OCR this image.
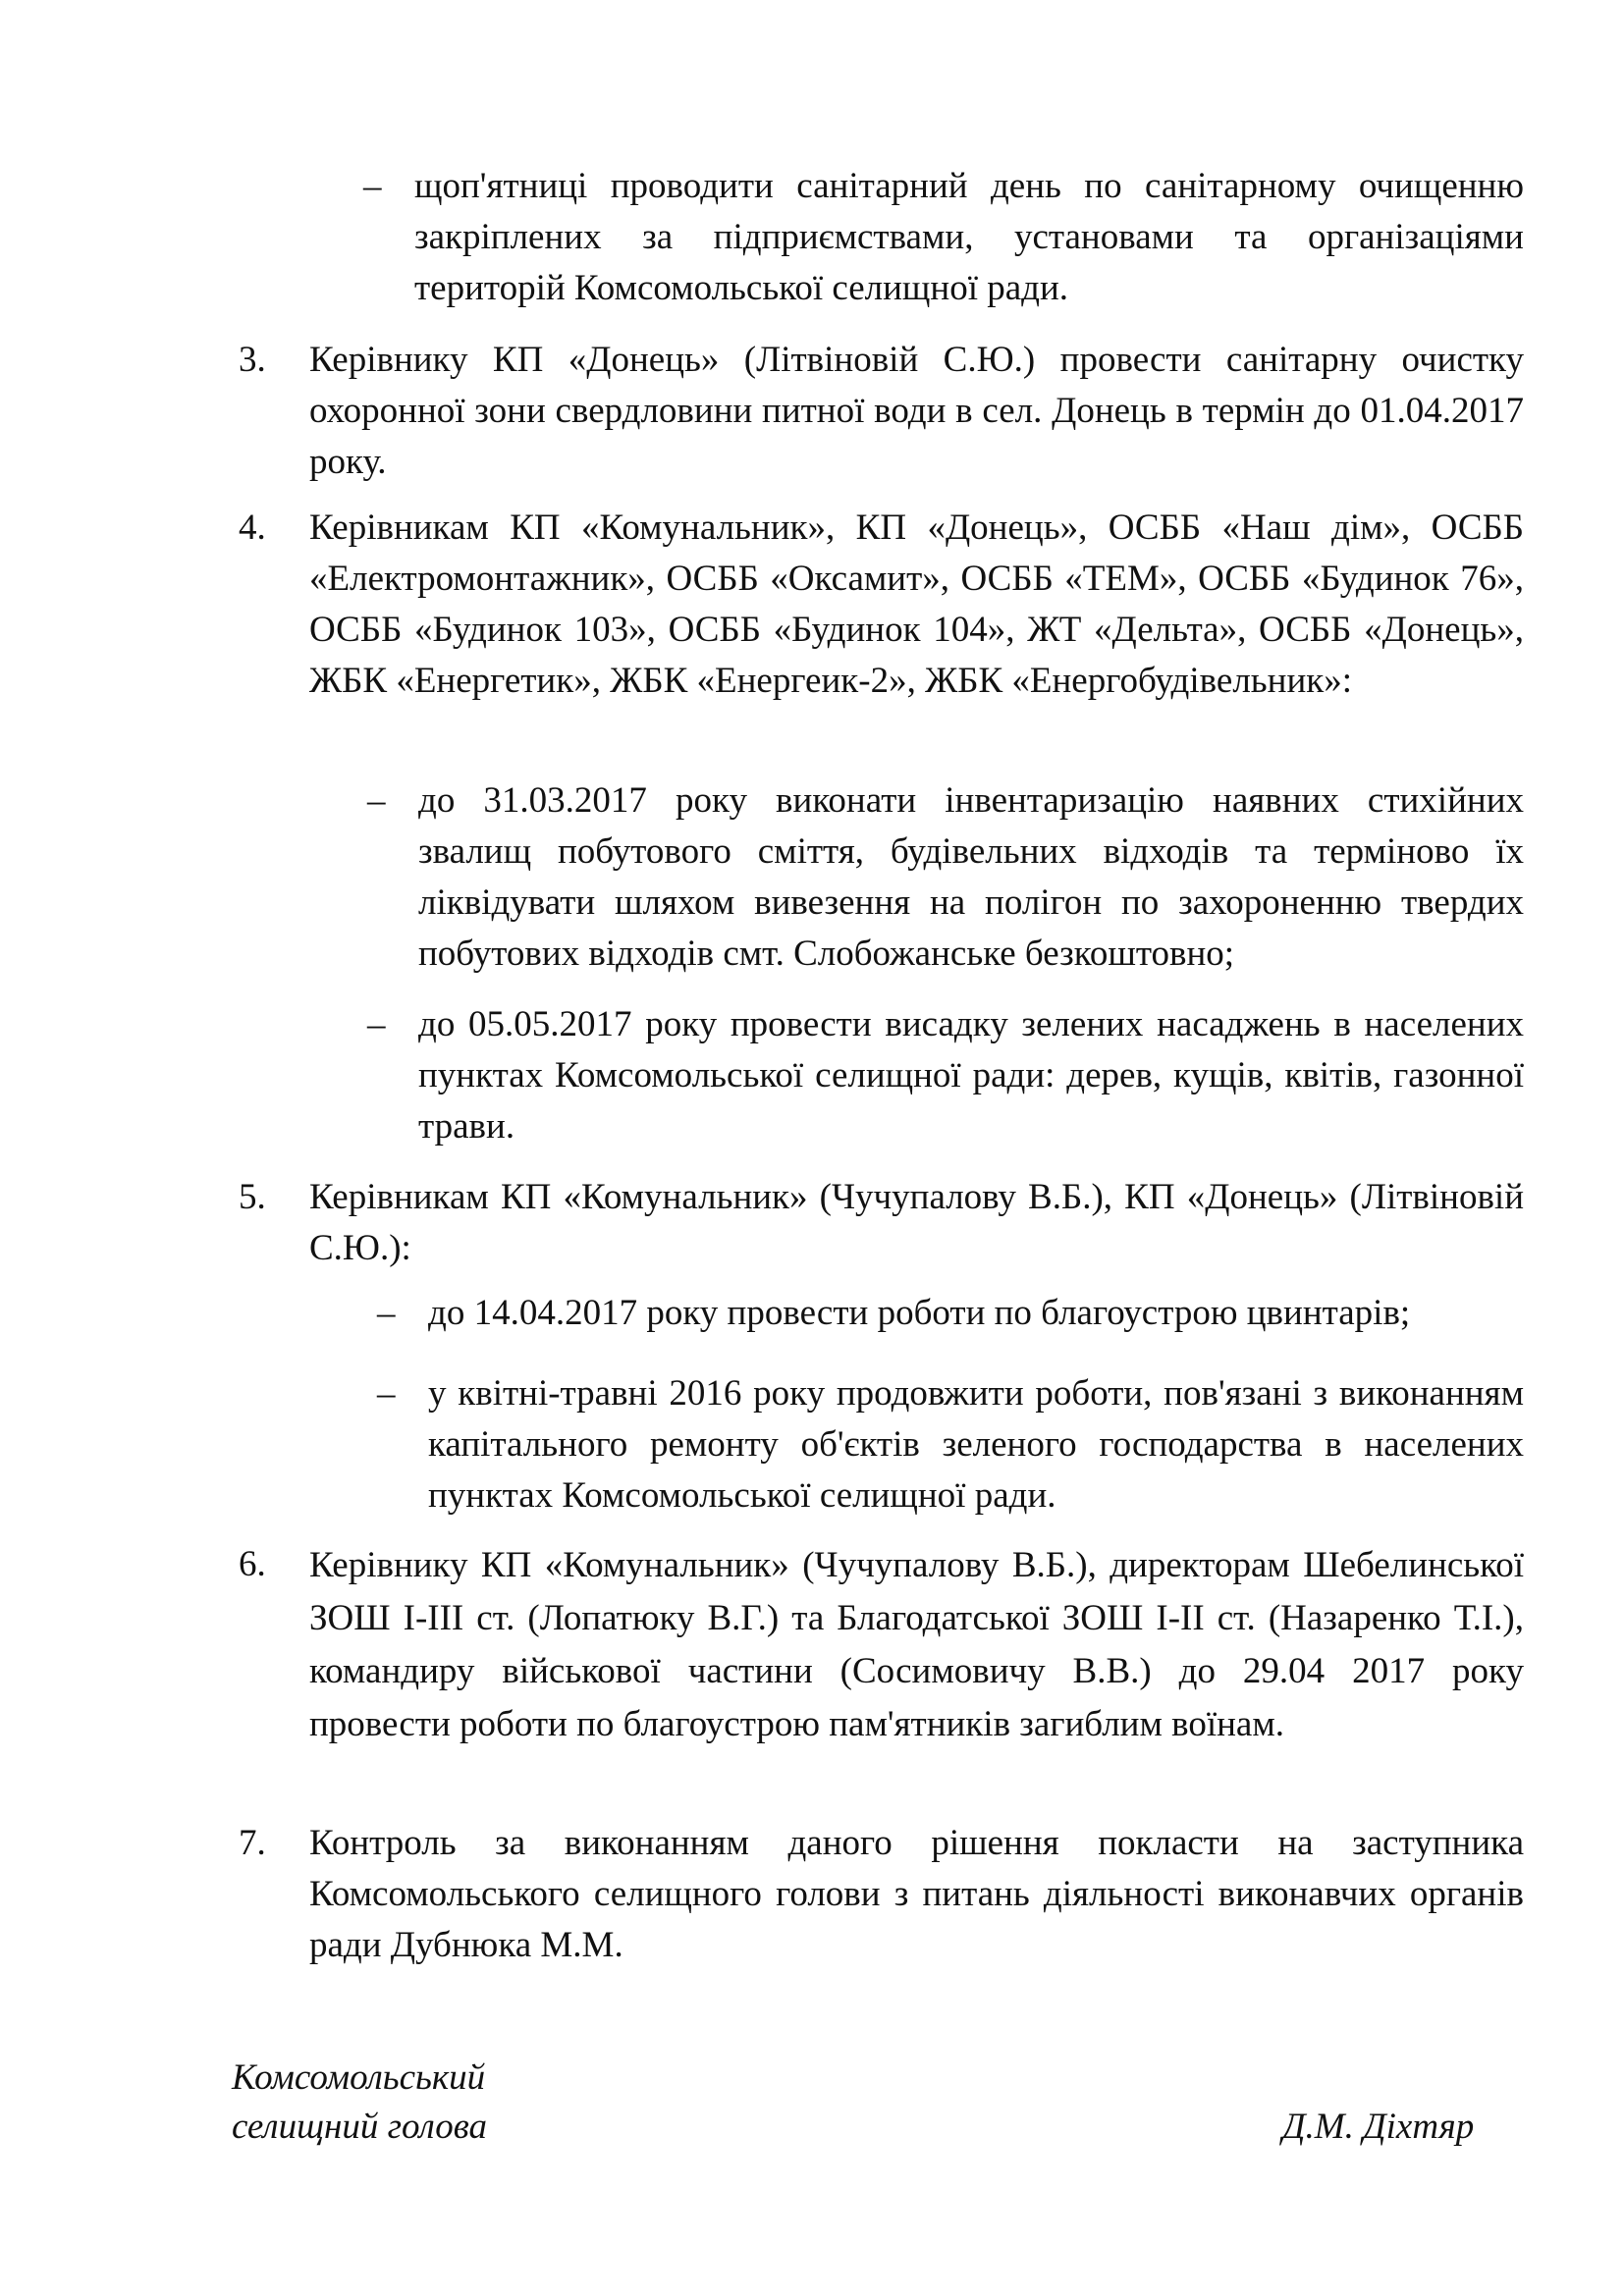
– щоп'ятниці проводити санітарний день по санітарному очищенню закріплених за підприємствами, установами та організаціями територій Комсомольської селищної ради.

3. Керівнику КП «Донець» (Літвіновій С.Ю.) провести санітарну очистку охоронної зони свердловини питної води в сел. Донець в термін до 01.04.2017 року.

4. Керівникам КП «Комунальник», КП «Донець», ОСББ «Наш дім», ОСББ «Електромонтажник», ОСББ «Оксамит», ОСББ «ТЕМ», ОСББ «Будинок 76», ОСББ «Будинок 103», ОСББ «Будинок 104», ЖТ «Дельта», ОСББ «Донець», ЖБК «Енергетик», ЖБК «Енергеик-2», ЖБК «Енергобудівельник»:

– до 31.03.2017 року виконати інвентаризацію наявних стихійних звалищ побутового сміття, будівельних відходів та терміново їх ліквідувати шляхом вивезення на полігон по захороненню твердих побутових відходів смт. Слобожанське безкоштовно;

– до 05.05.2017 року провести висадку зелених насаджень в населених пунктах Комсомольської селищної ради: дерев, кущів, квітів, газонної трави.

5. Керівникам КП «Комунальник» (Чучупалову В.Б.), КП «Донець» (Літвіновій С.Ю.):

– до 14.04.2017 року провести роботи по благоустрою цвинтарів;

– у квітні-травні 2016 року продовжити роботи, пов'язані з виконанням капітального ремонту об'єктів зеленого господарства в населених пунктах Комсомольської селищної ради.

6. Керівнику КП «Комунальник» (Чучупалову В.Б.), директорам Шебелинської ЗОШ І-ІІІ ст. (Лопатюку В.Г.) та Благодатської ЗОШ І-ІІ ст. (Назаренко Т.І.), командиру військової частини (Сосимовичу В.В.) до 29.04 2017 року провести роботи по благоустрою пам'ятників загиблим воїнам.

7. Контроль за виконанням даного рішення покласти на заступника Комсомольського селищного голови з питань діяльності виконавчих органів ради Дубнюка М.М.

Комсомольський
селищний голова	Д.М. Діхтяр
